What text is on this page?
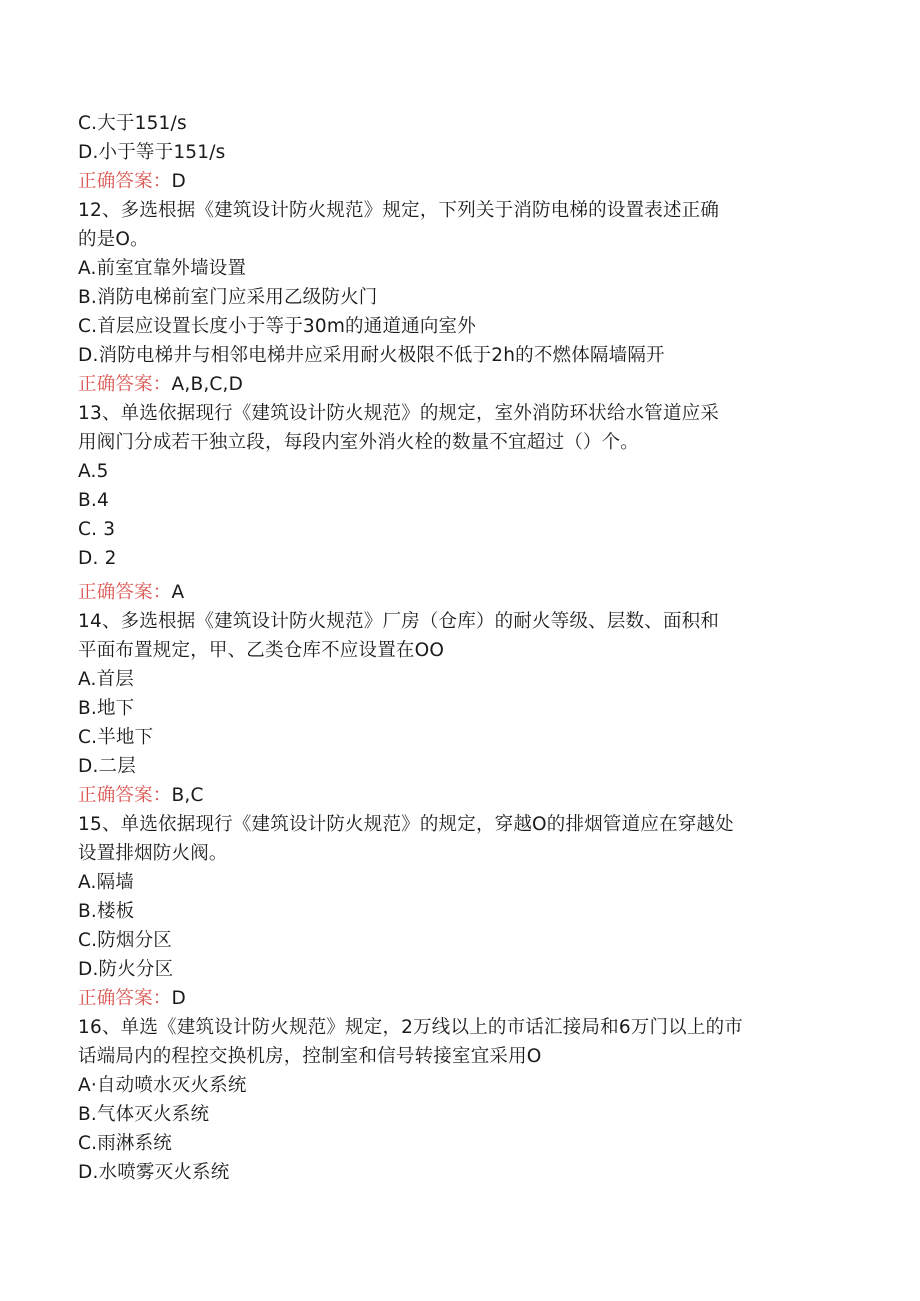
C.大于151/s
D.小于等于151/s
正确答案：D
12、多选根据《建筑设计防火规范》规定，下列关于消防电梯的设置表述正确
的是O。
A.前室宜靠外墙设置
B.消防电梯前室门应采用乙级防火门
C.首层应设置长度小于等于30m的通道通向室外
D.消防电梯井与相邻电梯井应采用耐火极限不低于2h的不燃体隔墙隔开
正确答案：A,B,C,D
13、单选依据现行《建筑设计防火规范》的规定，室外消防环状给水管道应采
用阀门分成若干独立段，每段内室外消火栓的数量不宜超过（）个。
A.5
B.4
C. 3
D. 2
正确答案：A
14、多选根据《建筑设计防火规范》厂房（仓库）的耐火等级、层数、面积和
平面布置规定，甲、乙类仓库不应设置在OO
A.首层
B.地下
C.半地下
D.二层
正确答案：B,C
15、单选依据现行《建筑设计防火规范》的规定，穿越O的排烟管道应在穿越处
设置排烟防火阀。
A.隔墙
B.楼板
C.防烟分区
D.防火分区
正确答案：D
16、单选《建筑设计防火规范》规定，2万线以上的市话汇接局和6万门以上的市
话端局内的程控交换机房，控制室和信号转接室宜采用O
A·自动喷水灭火系统
B.气体灭火系统
C.雨淋系统
D.水喷雾灭火系统
